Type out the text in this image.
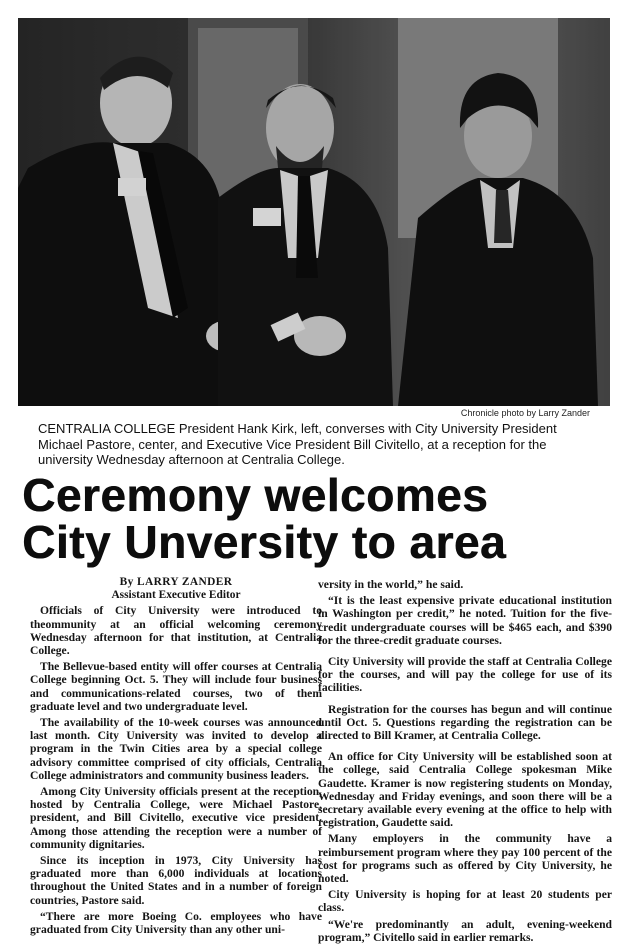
Chronicle photo by Larry Zander
CENTRALIA COLLEGE President Hank Kirk, left, converses with City University President Michael Pastore, center, and Executive Vice President Bill Civitello, at a reception for the university Wednesday afternoon at Centralia College.
Ceremony welcomes
City Unversity to area
By LARRY ZANDER
Assistant Executive Editor

Officials of City University were introduced to theommunity at an official welcoming ceremony Wednesday afternoon for that institution, at Centralia College.

The Bellevue-based entity will offer courses at Centralia College beginning Oct. 5. They will include four business and communications-related courses, two of them graduate level and two undergraduate level.

The availability of the 10-week courses was announced last month. City University was invited to develop a program in the Twin Cities area by a special college advisory committee comprised of city officials, Centralia College administrators and community business leaders.

Among City University officials present at the reception, hosted by Centralia College, were Michael Pastore, president, and Bill Civitello, executive vice president. Among those attending the reception were a number of community dignitaries.

Since its inception in 1973, City University has graduated more than 6,000 individuals at locations throughout the United States and in a number of foreign countries, Pastore said.

“There are more Boeing Co. employees who have graduated from City University than any other uni-

versity in the world,” he said.

“It is the least expensive private educational institution in Washington per credit,” he noted. Tuition for the five-credit undergraduate courses will be $465 each, and $390 for the three-credit graduate courses.

City University will provide the staff at Centralia College for the courses, and will pay the college for use of its facilities.

Registration for the courses has begun and will continue until Oct. 5. Questions regarding the registration can be directed to Bill Kramer, at Centralia College.

An office for City University will be established soon at the college, said Centralia College spokesman Mike Gaudette. Kramer is now registering students on Monday, Wednesday and Friday evenings, and soon there will be a secretary available every evening at the office to help with registration, Gaudette said.

Many employers in the community have a reimbursement program where they pay 100 percent of the cost for programs such as offered by City University, he noted.

City University is hoping for at least 20 students per class.

“We're predominantly an adult, evening-weekend program,” Civitello said in earlier remarks.
